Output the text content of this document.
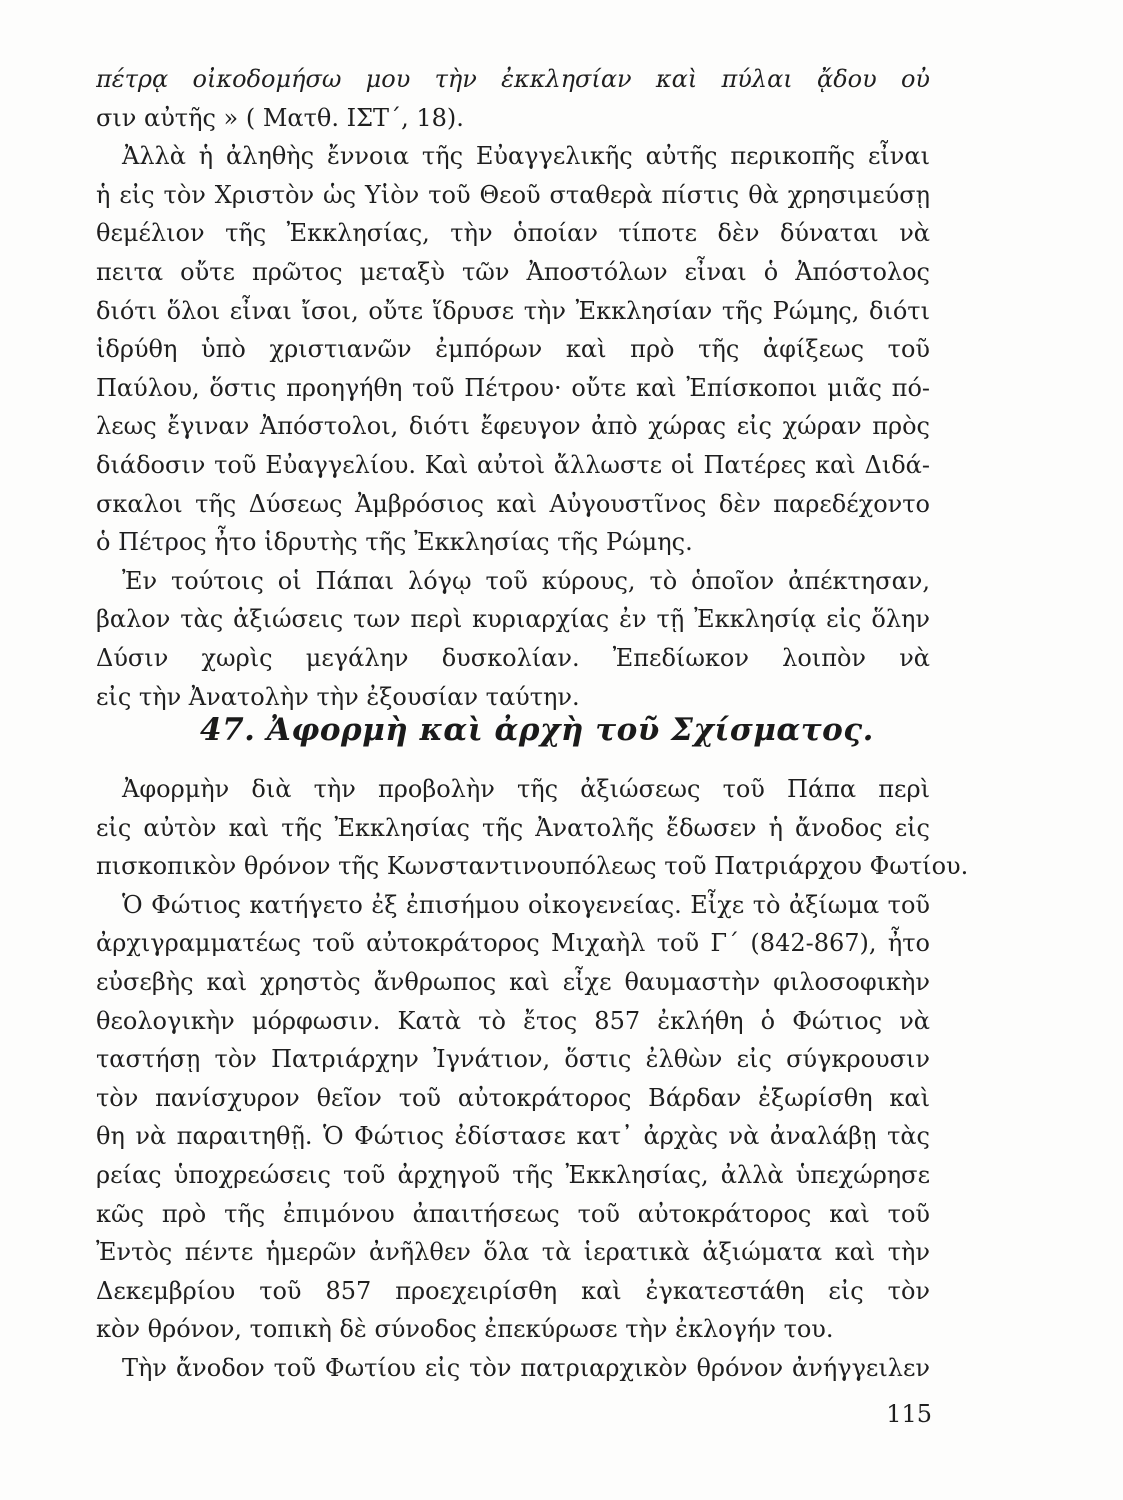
πέτρᾳ οἰκοδομήσω μου τὴν ἐκκλησίαν καὶ πύλαι ᾄδου οὐ
σιν αὐτῆς » ( Ματθ. ΙΣΤ΄, 18).
Ἀλλὰ ἡ ἀληθὴς ἔννοια τῆς Εὐαγγελικῆς αὐτῆς περικοπῆς εἶναι
ἡ εἰς τὸν Χριστὸν ὡς Υἱὸν τοῦ Θεοῦ σταθερὰ πίστις θὰ χρησιμεύσῃ
θεμέλιον τῆς Ἐκκλησίας, τὴν ὁποίαν τίποτε δὲν δύναται νὰ
πειτα οὔτε πρῶτος μεταξὺ τῶν Ἀποστόλων εἶναι ὁ Ἀπόστολος
διότι ὅλοι εἶναι ἴσοι, οὔτε ἵδρυσε τὴν Ἐκκλησίαν τῆς Ρώμης, διότι
ἱδρύθη ὑπὸ χριστιανῶν ἐμπόρων καὶ πρὸ τῆς ἀφίξεως τοῦ
Παύλου, ὅστις προηγήθη τοῦ Πέτρου· οὔτε καὶ Ἐπίσκοποι μιᾶς πό-
λεως ἔγιναν Ἀπόστολοι, διότι ἔφευγον ἀπὸ χώρας εἰς χώραν πρὸς
διάδοσιν τοῦ Εὐαγγελίου. Καὶ αὐτοὶ ἄλλωστε οἱ Πατέρες καὶ Διδά-
σκαλοι τῆς Δύσεως Ἀμβρόσιος καὶ Αὐγουστῖνος δὲν παρεδέχοντο
ὁ Πέτρος ἦτο ἱδρυτὴς τῆς Ἐκκλησίας τῆς Ρώμης.
Ἐν τούτοις οἱ Πάπαι λόγῳ τοῦ κύρους, τὸ ὁποῖον ἀπέκτησαν,
βαλον τὰς ἀξιώσεις των περὶ κυριαρχίας ἐν τῇ Ἐκκλησίᾳ εἰς ὅλην
Δύσιν χωρὶς μεγάλην δυσκολίαν. Ἐπεδίωκον λοιπὸν νὰ
εἰς τὴν Ἀνατολὴν τὴν ἐξουσίαν ταύτην.
47. Ἀφορμὴ καὶ ἀρχὴ τοῦ Σχίσματος.
Ἀφορμὴν διὰ τὴν προβολὴν τῆς ἀξιώσεως τοῦ Πάπα περὶ
εἰς αὐτὸν καὶ τῆς Ἐκκλησίας τῆς Ἀνατολῆς ἔδωσεν ἡ ἄνοδος εἰς
πισκοπικὸν θρόνον τῆς Κωνσταντινουπόλεως τοῦ Πατριάρχου Φωτίου.
Ὁ Φώτιος κατήγετο ἐξ ἐπισήμου οἰκογενείας. Εἶχε τὸ ἀξίωμα τοῦ
ἀρχιγραμματέως τοῦ αὐτοκράτορος Μιχαὴλ τοῦ Γ΄ (842-867), ἦτο
εὐσεβὴς καὶ χρηστὸς ἄνθρωπος καὶ εἶχε θαυμαστὴν φιλοσοφικὴν
θεολογικὴν μόρφωσιν. Κατὰ τὸ ἔτος 857 ἐκλήθη ὁ Φώτιος νὰ
ταστήσῃ τὸν Πατριάρχην Ἰγνάτιον, ὅστις ἐλθὼν εἰς σύγκρουσιν
τὸν πανίσχυρον θεῖον τοῦ αὐτοκράτορος Βάρδαν ἐξωρίσθη καὶ
θη νὰ παραιτηθῇ. Ὁ Φώτιος ἐδίστασε κατ᾽ ἀρχὰς νὰ ἀναλάβῃ τὰς
ρείας ὑποχρεώσεις τοῦ ἀρχηγοῦ τῆς Ἐκκλησίας, ἀλλὰ ὑπεχώρησε
κῶς πρὸ τῆς ἐπιμόνου ἀπαιτήσεως τοῦ αὐτοκράτορος καὶ τοῦ
Ἐντὸς πέντε ἡμερῶν ἀνῆλθεν ὅλα τὰ ἱερατικὰ ἀξιώματα καὶ τὴν
Δεκεμβρίου τοῦ 857 προεχειρίσθη καὶ ἐγκατεστάθη εἰς τὸν
κὸν θρόνον, τοπικὴ δὲ σύνοδος ἐπεκύρωσε τὴν ἐκλογήν του.
Τὴν ἄνοδον τοῦ Φωτίου εἰς τὸν πατριαρχικὸν θρόνον ἀνήγγειλεν
115
